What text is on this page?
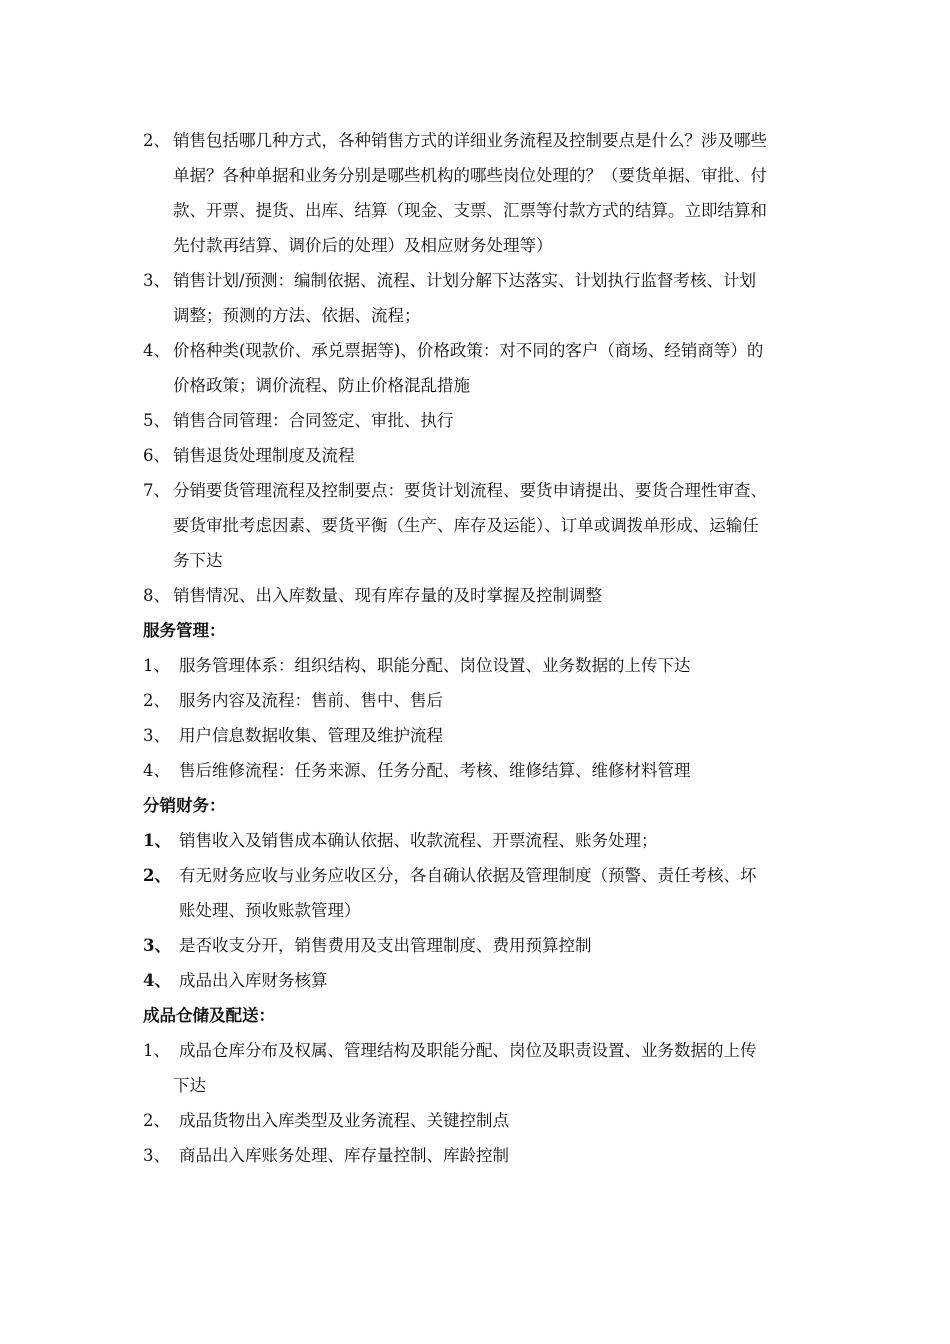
2、 销售包括哪几种方式，各种销售方式的详细业务流程及控制要点是什么？涉及哪些
单据？各种单据和业务分别是哪些机构的哪些岗位处理的？（要货单据、审批、付
款、开票、提货、出库、结算（现金、支票、汇票等付款方式的结算。立即结算和
先付款再结算、调价后的处理）及相应财务处理等）
3、 销售计划/预测：编制依据、流程、计划分解下达落实、计划执行监督考核、计划
调整；预测的方法、依据、流程；
4、 价格种类(现款价、承兑票据等)、价格政策：对不同的客户（商场、经销商等）的
价格政策；调价流程、防止价格混乱措施
5、 销售合同管理：合同签定、审批、执行
6、 销售退货处理制度及流程
7、 分销要货管理流程及控制要点：要货计划流程、要货申请提出、要货合理性审查、
要货审批考虑因素、要货平衡（生产、库存及运能）、订单或调拨单形成、运输任
务下达
8、 销售情况、出入库数量、现有库存量的及时掌握及控制调整
服务管理：
1、 服务管理体系：组织结构、职能分配、岗位设置、业务数据的上传下达
2、 服务内容及流程：售前、售中、售后
3、 用户信息数据收集、管理及维护流程
4、 售后维修流程：任务来源、任务分配、考核、维修结算、维修材料管理
分销财务：
1、 销售收入及销售成本确认依据、收款流程、开票流程、账务处理；
2、 有无财务应收与业务应收区分，各自确认依据及管理制度（预警、责任考核、坏
账处理、预收账款管理）
3、 是否收支分开，销售费用及支出管理制度、费用预算控制
4、 成品出入库财务核算
成品仓储及配送：
1、 成品仓库分布及权属、管理结构及职能分配、岗位及职责设置、业务数据的上传
下达
2、 成品货物出入库类型及业务流程、关键控制点
3、 商品出入库账务处理、库存量控制、库龄控制
